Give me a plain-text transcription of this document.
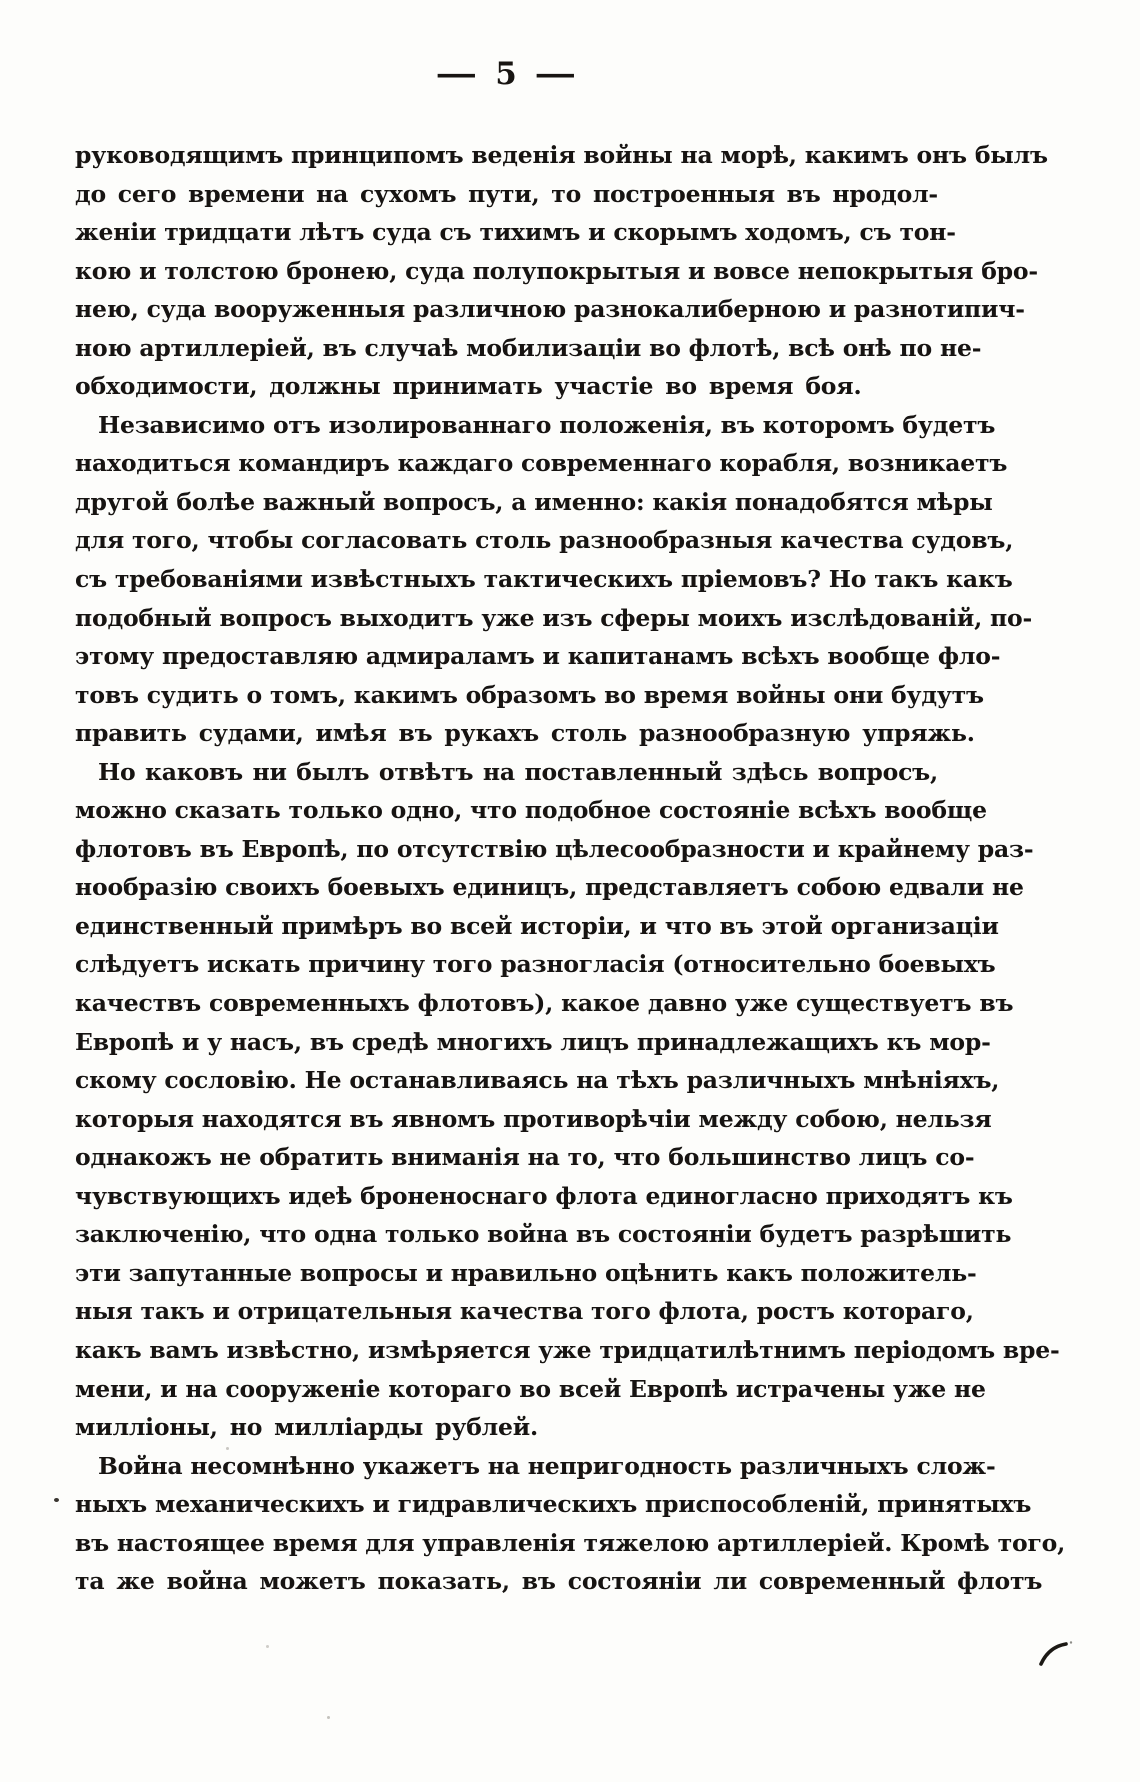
— 5 —
руководящимъ принципомъ веденія войны на морѣ, какимъ онъ былъ
до сего времени на сухомъ пути, то построенныя въ нродол-
женіи тридцати лѣтъ суда съ тихимъ и скорымъ ходомъ, съ тон-
кою и толстою бронею, суда полупокрытыя и вовсе непокрытыя бро-
нею, суда вооруженныя различною разнокалиберною и разнотипич-
ною артиллеріей, въ случаѣ мобилизаціи во флотѣ, всѣ онѣ по не-
обходимости, должны принимать участіе во время боя.
Независимо отъ изолированнаго положенія, въ которомъ будетъ
находиться командиръ каждаго современнаго корабля, возникаетъ
другой болѣе важный вопросъ, а именно: какія понадобятся мѣры
для того, чтобы согласовать столь разнообразныя качества судовъ,
съ требованіями извѣстныхъ тактическихъ пріемовъ? Но такъ какъ
подобный вопросъ выходитъ уже изъ сферы моихъ изслѣдованій, по-
этому предоставляю адмираламъ и капитанамъ всѣхъ вообще фло-
товъ судить о томъ, какимъ образомъ во время войны они будутъ
править судами, имѣя въ рукахъ столь разнообразную упряжь.
Но каковъ ни былъ отвѣтъ на поставленный здѣсь вопросъ,
можно сказать только одно, что подобное состояніе всѣхъ вообще
флотовъ въ Европѣ, по отсутствію цѣлесообразности и крайнему раз-
нообразію своихъ боевыхъ единицъ, представляетъ собою едвали не
единственный примѣръ во всей исторіи, и что въ этой организаціи
слѣдуетъ искать причину того разногласія (относительно боевыхъ
качествъ современныхъ флотовъ), какое давно уже существуетъ въ
Европѣ и у насъ, въ средѣ многихъ лицъ принадлежащихъ къ мор-
скому сословію. Не останавливаясь на тѣхъ различныхъ мнѣніяхъ,
которыя находятся въ явномъ противорѣчіи между собою, нельзя
однакожъ не обратить вниманія на то, что большинство лицъ со-
чувствующихъ идеѣ броненоснаго флота единогласно приходятъ къ
заключенію, что одна только война въ состояніи будетъ разрѣшить
эти запутанные вопросы и нравильно оцѣнить какъ положитель-
ныя такъ и отрицательныя качества того флота, ростъ котораго,
какъ вамъ извѣстно, измѣряется уже тридцатилѣтнимъ періодомъ вре-
мени, и на сооруженіе котораго во всей Европѣ истрачены уже не
милліоны, но милліарды рублей.
Война несомнѣнно укажетъ на непригодность различныхъ слож-
ныхъ механическихъ и гидравлическихъ приспособленій, принятыхъ
въ настоящее время для управленія тяжелою артиллеріей. Кромѣ того,
та же война можетъ показать, въ состояніи ли современный флотъ
